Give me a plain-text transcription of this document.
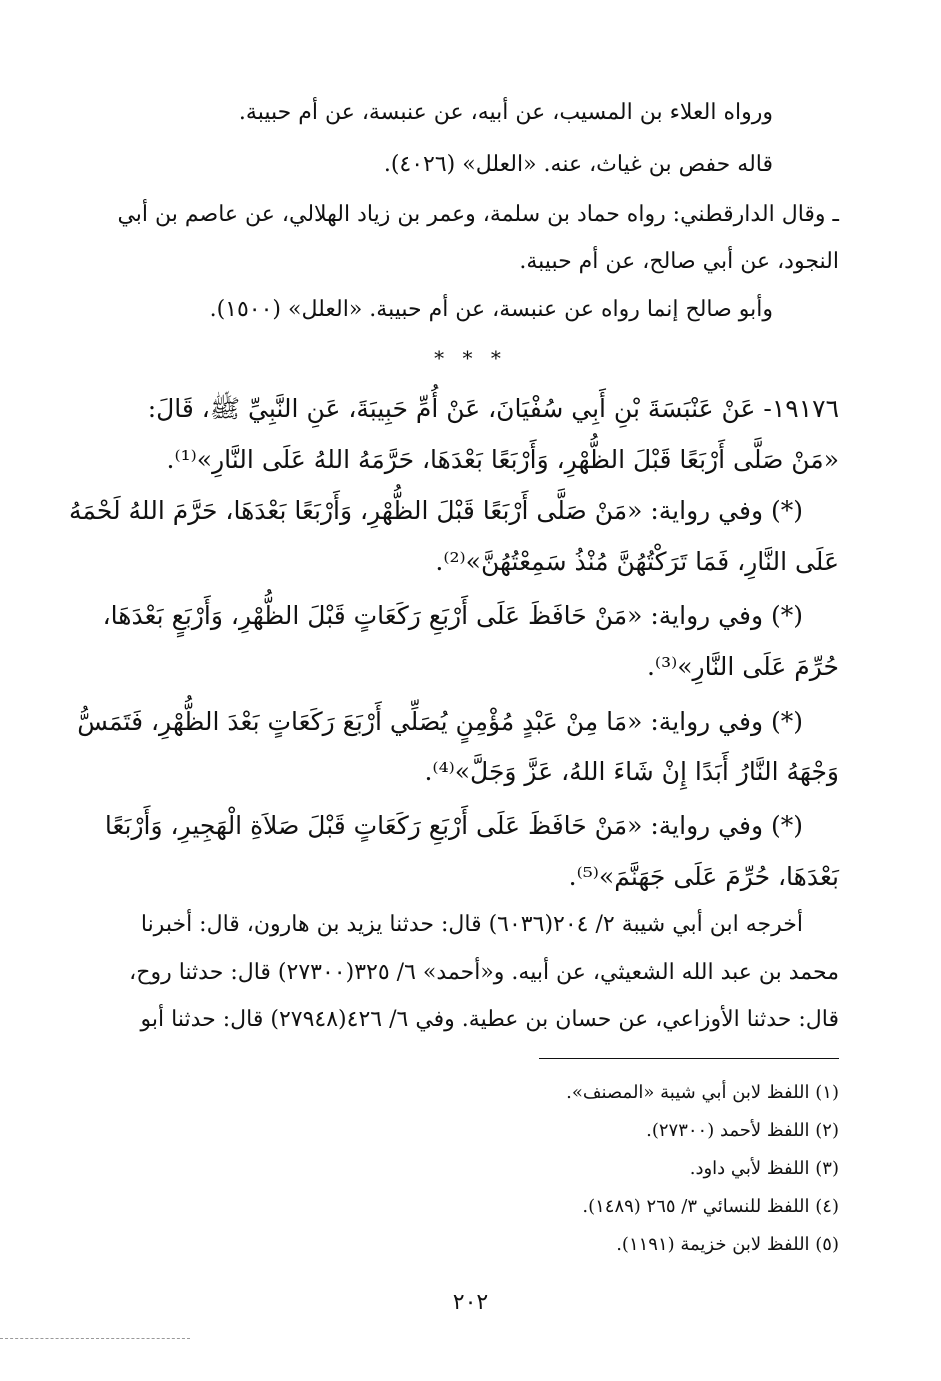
ورواه العلاء بن المسيب، عن أبيه، عن عنبسة، عن أم حبيبة.
قاله حفص بن غياث، عنه. «العلل» (٤٠٢٦).
ـ وقال الدارقطني: رواه حماد بن سلمة، وعمر بن زياد الهلالي، عن عاصم بن أبي
النجود، عن أبي صالح، عن أم حبيبة.
وأبو صالح إنما رواه عن عنبسة، عن أم حبيبة. «العلل» (١٥٠٠).
* * *
١٩١٧٦- عَنْ عَنْبَسَةَ بْنِ أَبِي سُفْيَانَ، عَنْ أُمِّ حَبِيبَةَ، عَنِ النَّبِيِّ ﷺ، قَالَ:
«مَنْ صَلَّى أَرْبَعًا قَبْلَ الظُّهْرِ، وَأَرْبَعًا بَعْدَهَا، حَرَّمَهُ اللهُ عَلَى النَّارِ»⁽¹⁾.
(*) وفي رواية: «مَنْ صَلَّى أَرْبَعًا قَبْلَ الظُّهْرِ، وَأَرْبَعًا بَعْدَهَا، حَرَّمَ اللهُ لَحْمَهُ
عَلَى النَّارِ، فَمَا تَرَكْتُهُنَّ مُنْذُ سَمِعْتُهُنَّ»⁽²⁾.
(*) وفي رواية: «مَنْ حَافَظَ عَلَى أَرْبَعِ رَكَعَاتٍ قَبْلَ الظُّهْرِ، وَأَرْبَعٍ بَعْدَهَا،
حُرِّمَ عَلَى النَّارِ»⁽³⁾.
(*) وفي رواية: «مَا مِنْ عَبْدٍ مُؤْمِنٍ يُصَلِّي أَرْبَعَ رَكَعَاتٍ بَعْدَ الظُّهْرِ، فَتَمَسُّ
وَجْهَهُ النَّارُ أَبَدًا إِنْ شَاءَ اللهُ، عَزَّ وَجَلَّ»⁽⁴⁾.
(*) وفي رواية: «مَنْ حَافَظَ عَلَى أَرْبَعِ رَكَعَاتٍ قَبْلَ صَلاَةِ الْهَجِيرِ، وَأَرْبَعًا
بَعْدَهَا، حُرِّمَ عَلَى جَهَنَّمَ»⁽⁵⁾.
أخرجه ابن أبي شيبة ٢/ ٢٠٤(٦٠٣٦) قال: حدثنا يزيد بن هارون، قال: أخبرنا
محمد بن عبد الله الشعيثي، عن أبيه. و«أحمد» ٦/ ٣٢٥(٢٧٣٠٠) قال: حدثنا روح،
قال: حدثنا الأوزاعي، عن حسان بن عطية. وفي ٦/ ٤٢٦(٢٧٩٤٨) قال: حدثنا أبو
(١) اللفظ لابن أبي شيبة «المصنف».
(٢) اللفظ لأحمد (٢٧٣٠٠).
(٣) اللفظ لأبي داود.
(٤) اللفظ للنسائي ٣/ ٢٦٥ (١٤٨٩).
(٥) اللفظ لابن خزيمة (١١٩١).
٢٠٢
